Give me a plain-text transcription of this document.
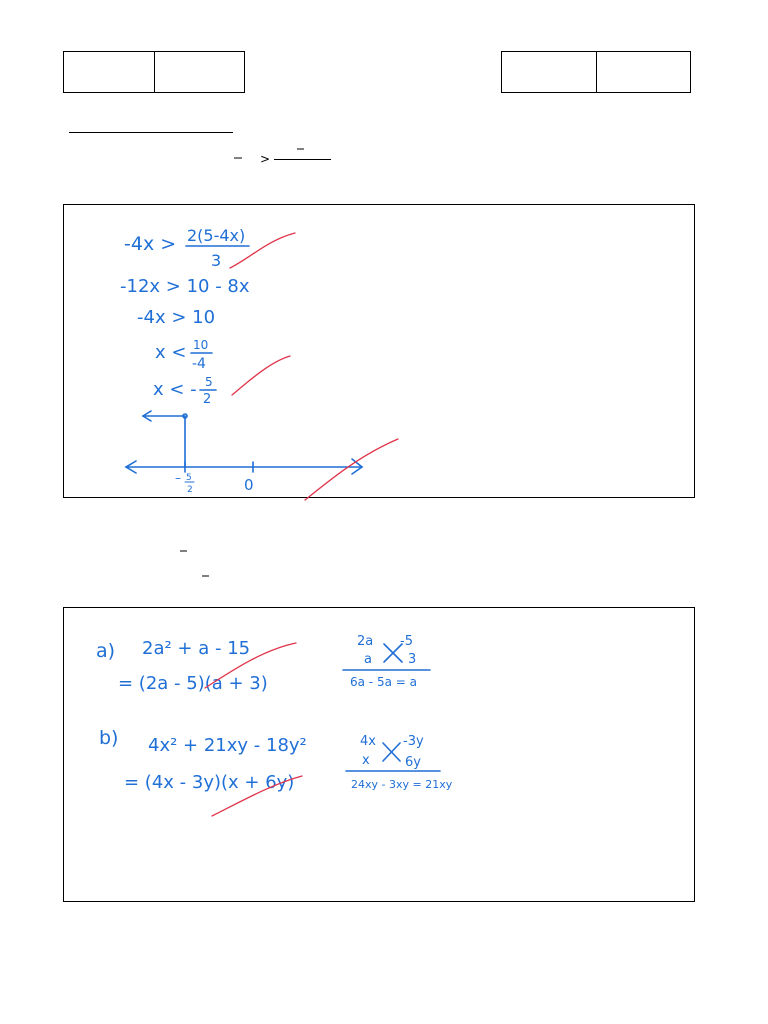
>
-4x > 2(5-4x)
3
-12x > 10 - 8x
-4x > 10
x < 10
-4
x < - 5
2
– 5
2	0
a) 2a² + a - 15
= (2a - 5)(a + 3)
2a -5
a	3
6a - 5a = a
b) 4x² + 21xy - 18y²
= (4x - 3y)(x + 6y)
4x -3y
x	6y
24xy - 3xy = 21xy
